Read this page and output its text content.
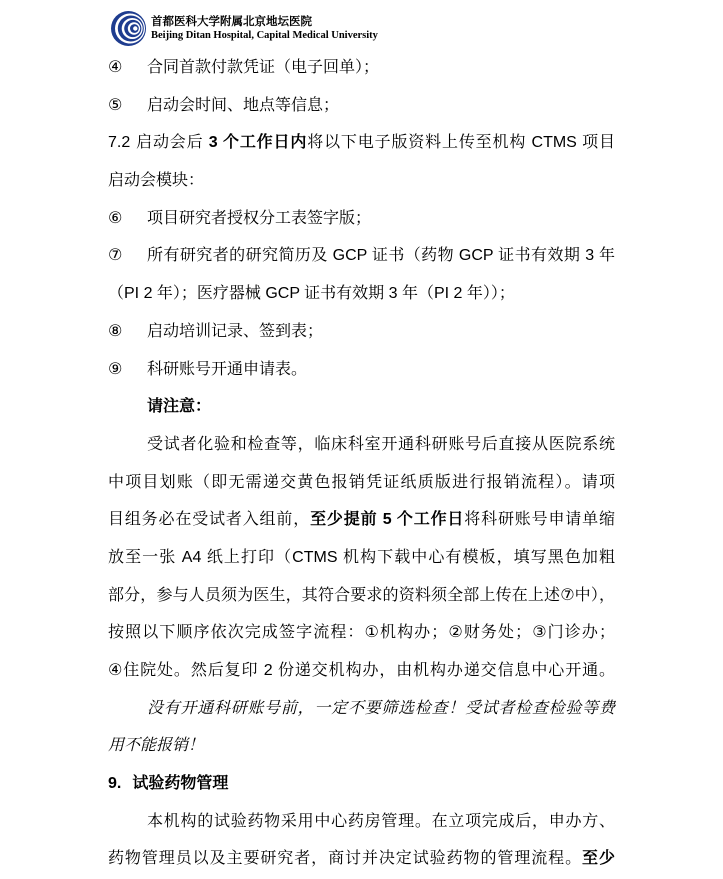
首都医科大学附属北京地坛医院
Beijing Ditan Hospital, Capital Medical University
④	合同首款付款凭证（电子回单）；
⑤	启动会时间、地点等信息；
7.2 启动会后 3 个工作日内将以下电子版资料上传至机构 CTMS 项目
启动会模块：
⑥	项目研究者授权分工表签字版；
⑦	所有研究者的研究简历及 GCP 证书（药物 GCP 证书有效期 3 年
（PI 2 年）；医疗器械 GCP 证书有效期 3 年（PI 2 年））；
⑧	启动培训记录、签到表；
⑨	科研账号开通申请表。
请注意：
受试者化验和检查等，临床科室开通科研账号后直接从医院系统
中项目划账（即无需递交黄色报销凭证纸质版进行报销流程）。请项
目组务必在受试者入组前，至少提前 5 个工作日将科研账号申请单缩
放至一张 A4 纸上打印（CTMS 机构下载中心有模板，填写黑色加粗
部分，参与人员须为医生，其符合要求的资料须全部上传在上述⑦中），
按照以下顺序依次完成签字流程：①机构办；②财务处；③门诊办；
④住院处。然后复印 2 份递交机构办，由机构办递交信息中心开通。
没有开通科研账号前，一定不要筛选检查！受试者检查检验等费
用不能报销！
9. 试验药物管理
本机构的试验药物采用中心药房管理。在立项完成后，申办方、
药物管理员以及主要研究者，商讨并决定试验药物的管理流程。至少
